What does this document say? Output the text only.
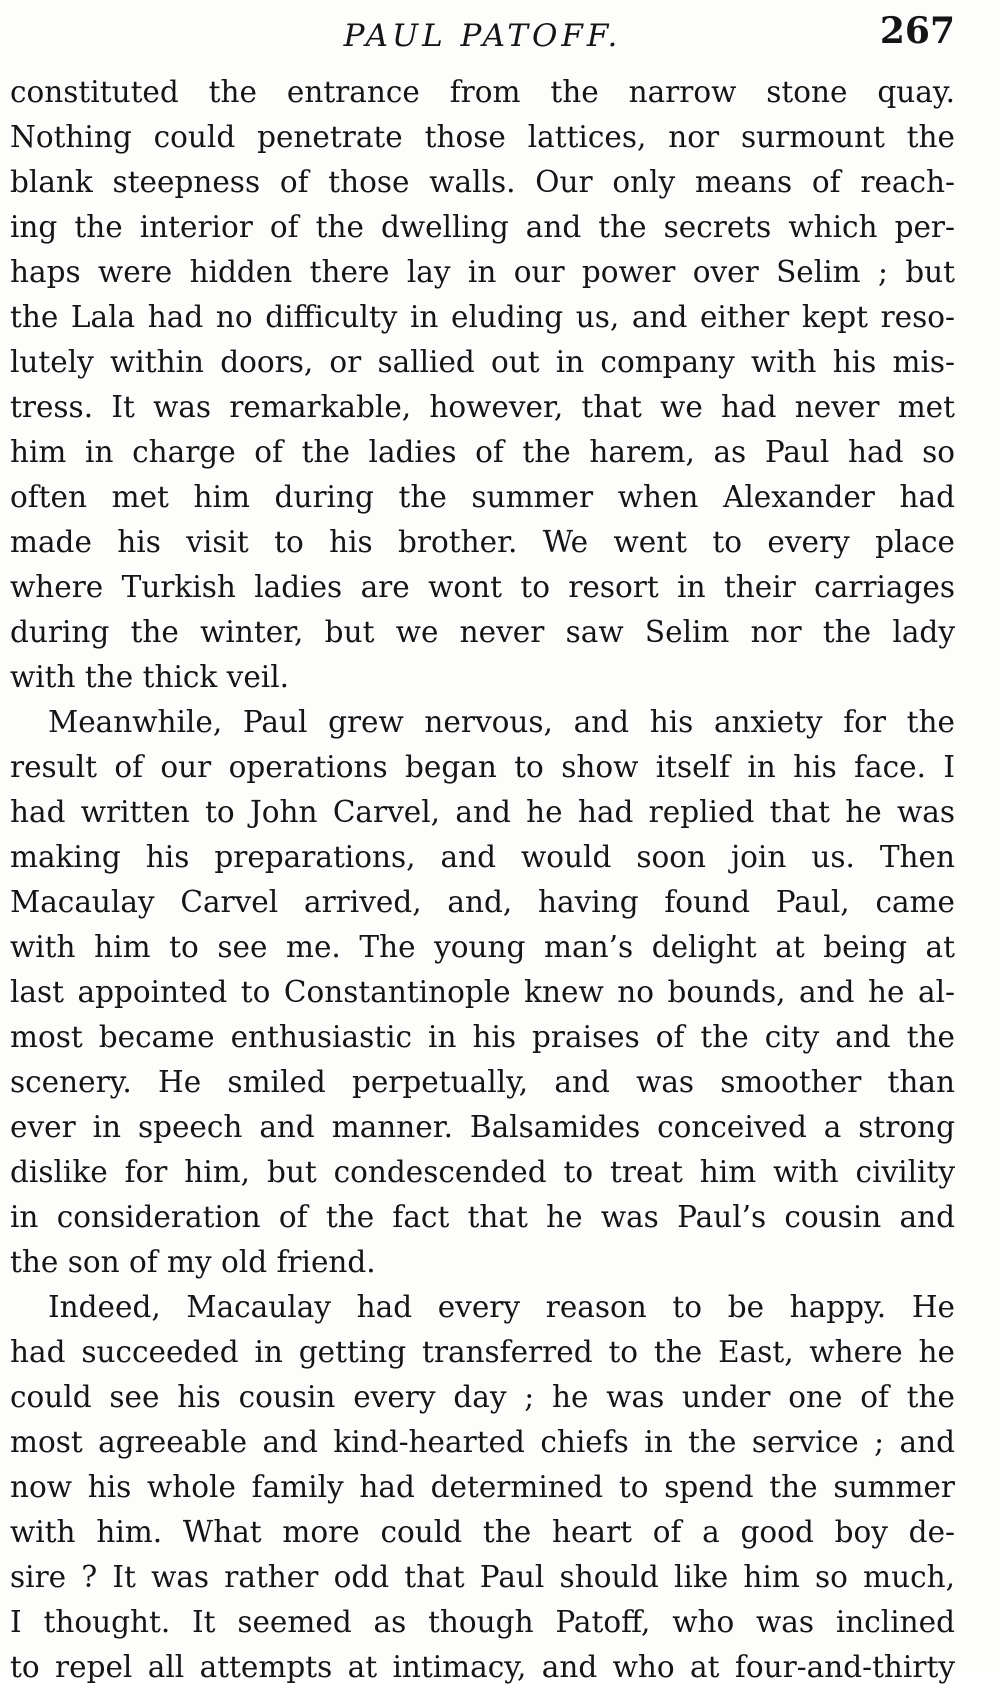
PAUL PATOFF.	267
constituted the entrance from the narrow stone quay.
Nothing could penetrate those lattices, nor surmount the
blank steepness of those walls. Our only means of reach-
ing the interior of the dwelling and the secrets which per-
haps were hidden there lay in our power over Selim ; but
the Lala had no difficulty in eluding us, and either kept reso-
lutely within doors, or sallied out in company with his mis-
tress. It was remarkable, however, that we had never met
him in charge of the ladies of the harem, as Paul had so
often met him during the summer when Alexander had
made his visit to his brother. We went to every place
where Turkish ladies are wont to resort in their carriages
during the winter, but we never saw Selim nor the lady
with the thick veil.
Meanwhile, Paul grew nervous, and his anxiety for the
result of our operations began to show itself in his face. I
had written to John Carvel, and he had replied that he was
making his preparations, and would soon join us. Then
Macaulay Carvel arrived, and, having found Paul, came
with him to see me. The young man’s delight at being at
last appointed to Constantinople knew no bounds, and he al-
most became enthusiastic in his praises of the city and the
scenery. He smiled perpetually, and was smoother than
ever in speech and manner. Balsamides conceived a strong
dislike for him, but condescended to treat him with civility
in consideration of the fact that he was Paul’s cousin and
the son of my old friend.
Indeed, Macaulay had every reason to be happy. He
had succeeded in getting transferred to the East, where he
could see his cousin every day ; he was under one of the
most agreeable and kind-hearted chiefs in the service ; and
now his whole family had determined to spend the summer
with him. What more could the heart of a good boy de-
sire ? It was rather odd that Paul should like him so much,
I thought. It seemed as though Patoff, who was inclined
to repel all attempts at intimacy, and who at four-and-thirty
